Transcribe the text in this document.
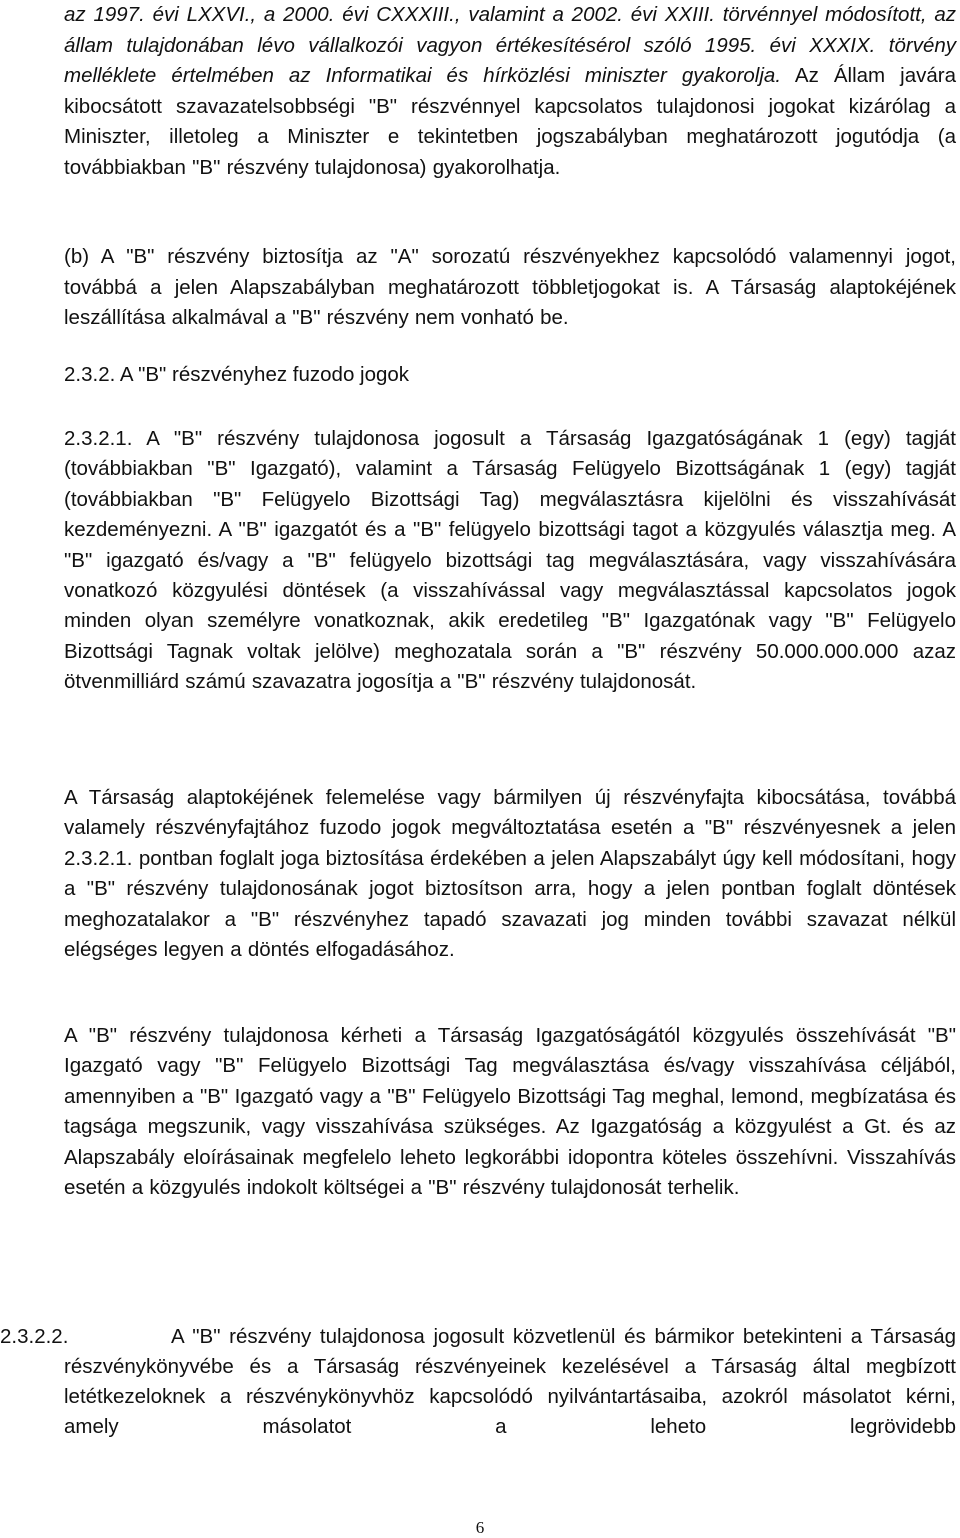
az 1997. évi LXXVI., a 2000. évi CXXXIII., valamint a 2002. évi XXIII. törvénnyel módosított, az állam tulajdonában lévo vállalkozói vagyon értékesítésérol szóló 1995. évi XXXIX. törvény melléklete értelmében az Informatikai és hírközlési miniszter gyakorolja. Az Állam javára kibocsátott szavazatelsobbségi "B" részvénnyel kapcsolatos tulajdonosi jogokat kizárólag a Miniszter, illetoleg a Miniszter e tekintetben jogszabályban meghatározott jogutódja (a továbbiakban "B" részvény tulajdonosa) gyakorolhatja.

(b) A "B" részvény biztosítja az "A" sorozatú részvényekhez kapcsolódó valamennyi jogot, továbbá a jelen Alapszabályban meghatározott többletjogokat is. A Társaság alaptokéjének leszállítása alkalmával a "B" részvény nem vonható be.

2.3.2. A "B" részvényhez fuzodo jogok

2.3.2.1. A "B" részvény tulajdonosa jogosult a Társaság Igazgatóságának 1 (egy) tagját (továbbiakban "B" Igazgató), valamint a Társaság Felügyelo Bizottságának 1 (egy) tagját (továbbiakban "B" Felügyelo Bizottsági Tag) megválasztásra kijelölni és visszahívását kezdeményezni. A "B" igazgatót és a "B" felügyelo bizottsági tagot a közgyulés választja meg. A "B" igazgató és/vagy a "B" felügyelo bizottsági tag megválasztására, vagy visszahívására vonatkozó közgyulési döntések (a visszahívással vagy megválasztással kapcsolatos jogok minden olyan személyre vonatkoznak, akik eredetileg "B" Igazgatónak vagy "B" Felügyelo Bizottsági Tagnak voltak jelölve) meghozatala során a "B" részvény 50.000.000.000 azaz ötvenmilliárd számú szavazatra jogosítja a "B" részvény tulajdonosát.

A Társaság alaptokéjének felemelése vagy bármilyen új részvényfajta kibocsátása, továbbá valamely részvényfajtához fuzodo jogok megváltoztatása esetén a "B" részvényesnek a jelen 2.3.2.1. pontban foglalt joga biztosítása érdekében a jelen Alapszabályt úgy kell módosítani, hogy a "B" részvény tulajdonosának jogot biztosítson arra, hogy a jelen pontban foglalt döntések meghozatalakor a "B" részvényhez tapadó szavazati jog minden további szavazat nélkül elégséges legyen a döntés elfogadásához.

A "B" részvény tulajdonosa kérheti a Társaság Igazgatóságától közgyulés összehívását "B" Igazgató vagy "B" Felügyelo Bizottsági Tag megválasztása és/vagy visszahívása céljából, amennyiben a "B" Igazgató vagy a "B" Felügyelo Bizottsági Tag meghal, lemond, megbízatása és tagsága megszunik, vagy visszahívása szükséges. Az Igazgatóság a közgyulést a Gt. és az Alapszabály eloírásainak megfelelo leheto legkorábbi idopontra köteles összehívni. Visszahívás esetén a közgyulés indokolt költségei a "B" részvény tulajdonosát terhelik.

2.3.2.2.	A "B" részvény tulajdonosa jogosult közvetlenül és bármikor betekinteni a Társaság részvénykönyvébe és a Társaság részvényeinek kezelésével a Társaság által megbízott letétkezeloknek a részvénykönyvhöz kapcsolódó nyilvántartásaiba, azokról másolatot kérni, amely másolatot a leheto legrövidebb

6
